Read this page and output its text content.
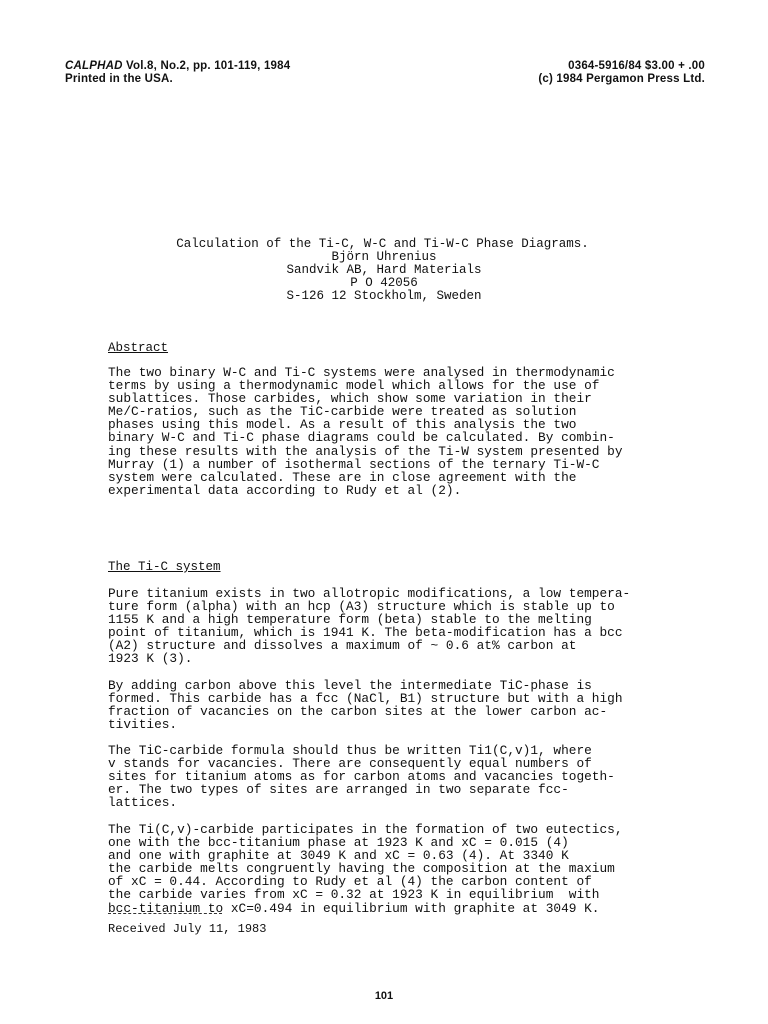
CALPHAD Vol.8, No.2, pp. 101-119, 1984
Printed in the USA.
0364-5916/84 $3.00 + .00
(c) 1984 Pergamon Press Ltd.
Calculation of the Ti-C, W-C and Ti-W-C Phase Diagrams.
Björn Uhrenius
Sandvik AB, Hard Materials
P O 42056
S-126 12 Stockholm, Sweden
Abstract
The two binary W-C and Ti-C systems were analysed in thermodynamic
terms by using a thermodynamic model which allows for the use of
sublattices. Those carbides, which show some variation in their
Me/C-ratios, such as the TiC-carbide were treated as solution
phases using this model. As a result of this analysis the two
binary W-C and Ti-C phase diagrams could be calculated. By combin-
ing these results with the analysis of the Ti-W system presented by
Murray (1) a number of isothermal sections of the ternary Ti-W-C
system were calculated. These are in close agreement with the
experimental data according to Rudy et al (2).
The Ti-C system
Pure titanium exists in two allotropic modifications, a low tempera-
ture form (alpha) with an hcp (A3) structure which is stable up to
1155 K and a high temperature form (beta) stable to the melting
point of titanium, which is 1941 K. The beta-modification has a bcc
(A2) structure and dissolves a maximum of ~ 0.6 at% carbon at
1923 K (3).
By adding carbon above this level the intermediate TiC-phase is
formed. This carbide has a fcc (NaCl, B1) structure but with a high
fraction of vacancies on the carbon sites at the lower carbon ac-
tivities.
The TiC-carbide formula should thus be written Ti1(C,v)1, where
v stands for vacancies. There are consequently equal numbers of
sites for titanium atoms as for carbon atoms and vacancies togeth-
er. The two types of sites are arranged in two separate fcc-
lattices.
The Ti(C,v)-carbide participates in the formation of two eutectics,
one with the bcc-titanium phase at 1923 K and xC = 0.015 (4)
and one with graphite at 3049 K and xC = 0.63 (4). At 3340 K
the carbide melts congruently having the composition at the maxium
of xC = 0.44. According to Rudy et al (4) the carbon content of
the carbide varies from xC = 0.32 at 1923 K in equilibrium  with
bcc-titanium to xC=0.494 in equilibrium with graphite at 3049 K.
Received July 11, 1983
101
